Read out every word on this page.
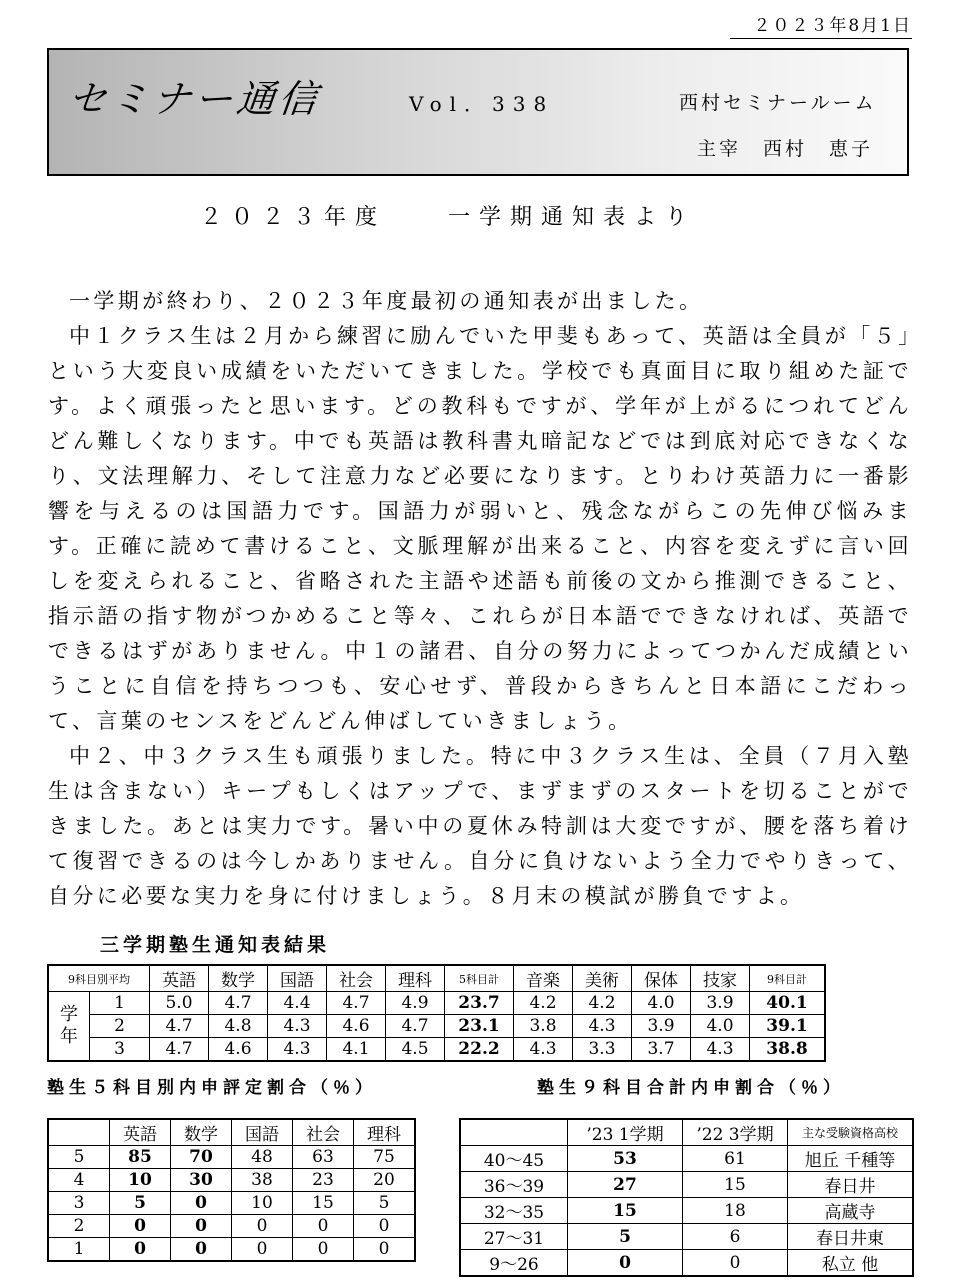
２０２３年8月1日
セミナー通信	Vol．338	西村セミナールーム
主宰　西村　恵子
２０２３年度　　一学期通知表より

一学期が終わり、２０２３年度最初の通知表が出ました。

中１クラス生は２月から練習に励んでいた甲斐もあって、英語は全員が「５」という大変良い成績をいただいてきました。学校でも真面目に取り組めた証です。よく頑張ったと思います。どの教科もですが、学年が上がるにつれてどんどん難しくなります。中でも英語は教科書丸暗記などでは到底対応できなくなり、文法理解力、そして注意力など必要になります。とりわけ英語力に一番影響を与えるのは国語力です。国語力が弱いと、残念ながらこの先伸び悩みます。正確に読めて書けること、文脈理解が出来ること、内容を変えずに言い回しを変えられること、省略された主語や述語も前後の文から推測できること、指示語の指す物がつかめること等々、これらが日本語でできなければ、英語でできるはずがありません。中１の諸君、自分の努力によってつかんだ成績ということに自信を持ちつつも、安心せず、普段からきちんと日本語にこだわって、言葉のセンスをどんどん伸ばしていきましょう。

中２、中３クラス生も頑張りました。特に中３クラス生は、全員（７月入塾生は含まない）キープもしくはアップで、まずまずのスタートを切ることができました。あとは実力です。暑い中の夏休み特訓は大変ですが、腰を落ち着けて復習できるのは今しかありません。自分に負けないよう全力でやりきって、自分に必要な実力を身に付けましょう。８月末の模試が勝負ですよ。

三学期塾生通知表結果
9科目別平均		英語	数学	国語	社会	理科	5科目計	音楽	美術	保体	技家	9科目計
学年	1	5.0	4.7	4.4	4.7	4.9	23.7	4.2	4.2	4.0	3.9	40.1
	2	4.7	4.8	4.3	4.6	4.7	23.1	3.8	4.3	3.9	4.0	39.1
	3	4.7	4.6	4.3	4.1	4.5	22.2	4.3	3.3	3.7	4.3	38.8
塾生５科目別内申評定割合（％）	塾生９科目合計内申割合（％）
	英語	数学	国語	社会	理科
5	85	70	48	63	75
4	10	30	38	23	20
3	5	0	10	15	5
2	0	0	0	0	0
1	0	0	0	0	0
	’23 1学期	’22 3学期	主な受験資格高校
40～45	53	61	旭丘 千種等
36～39	27	15	春日井
32～35	15	18	高蔵寺
27～31	5	6	春日井東
9～26	0	0	私立 他
